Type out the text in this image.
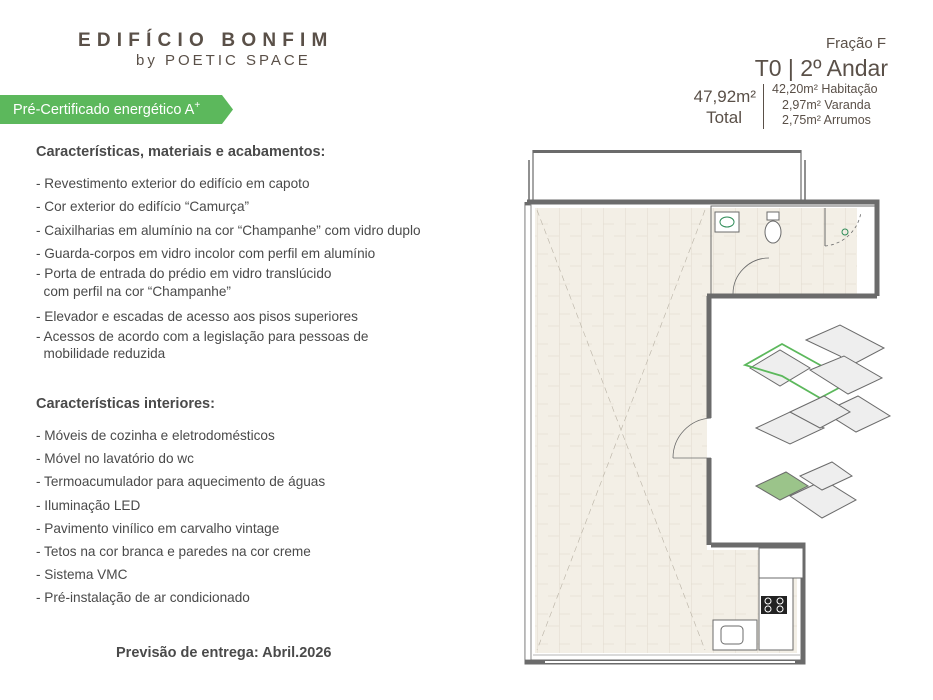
EDIFÍCIO BONFIM
by POETIC SPACE
Pré-Certificado energético A+
Características, materiais e acabamentos:
- Revestimento exterior do edifício em capoto
- Cor exterior do edifício “Camurça”
- Caixilharias em alumínio na cor “Champanhe” com vidro duplo
- Guarda-corpos em vidro incolor com perfil em alumínio
- Porta de entrada do prédio em vidro translúcido
com perfil na cor “Champanhe”
- Elevador e escadas de acesso aos pisos superiores
- Acessos de acordo com a legislação para pessoas de
mobilidade reduzida
Características interiores:
- Móveis de cozinha e eletrodomésticos
- Móvel no lavatório do wc
- Termoacumulador para aquecimento de águas
- Iluminação LED
- Pavimento vinílico em carvalho vintage
- Tetos na cor branca e paredes na cor creme
- Sistema VMC
- Pré-instalação de ar condicionado
Previsão de entrega: Abril.2026
Fração F
T0 | 2º Andar
47,92m²
Total
42,20m² Habitação
2,97m² Varanda
2,75m² Arrumos
